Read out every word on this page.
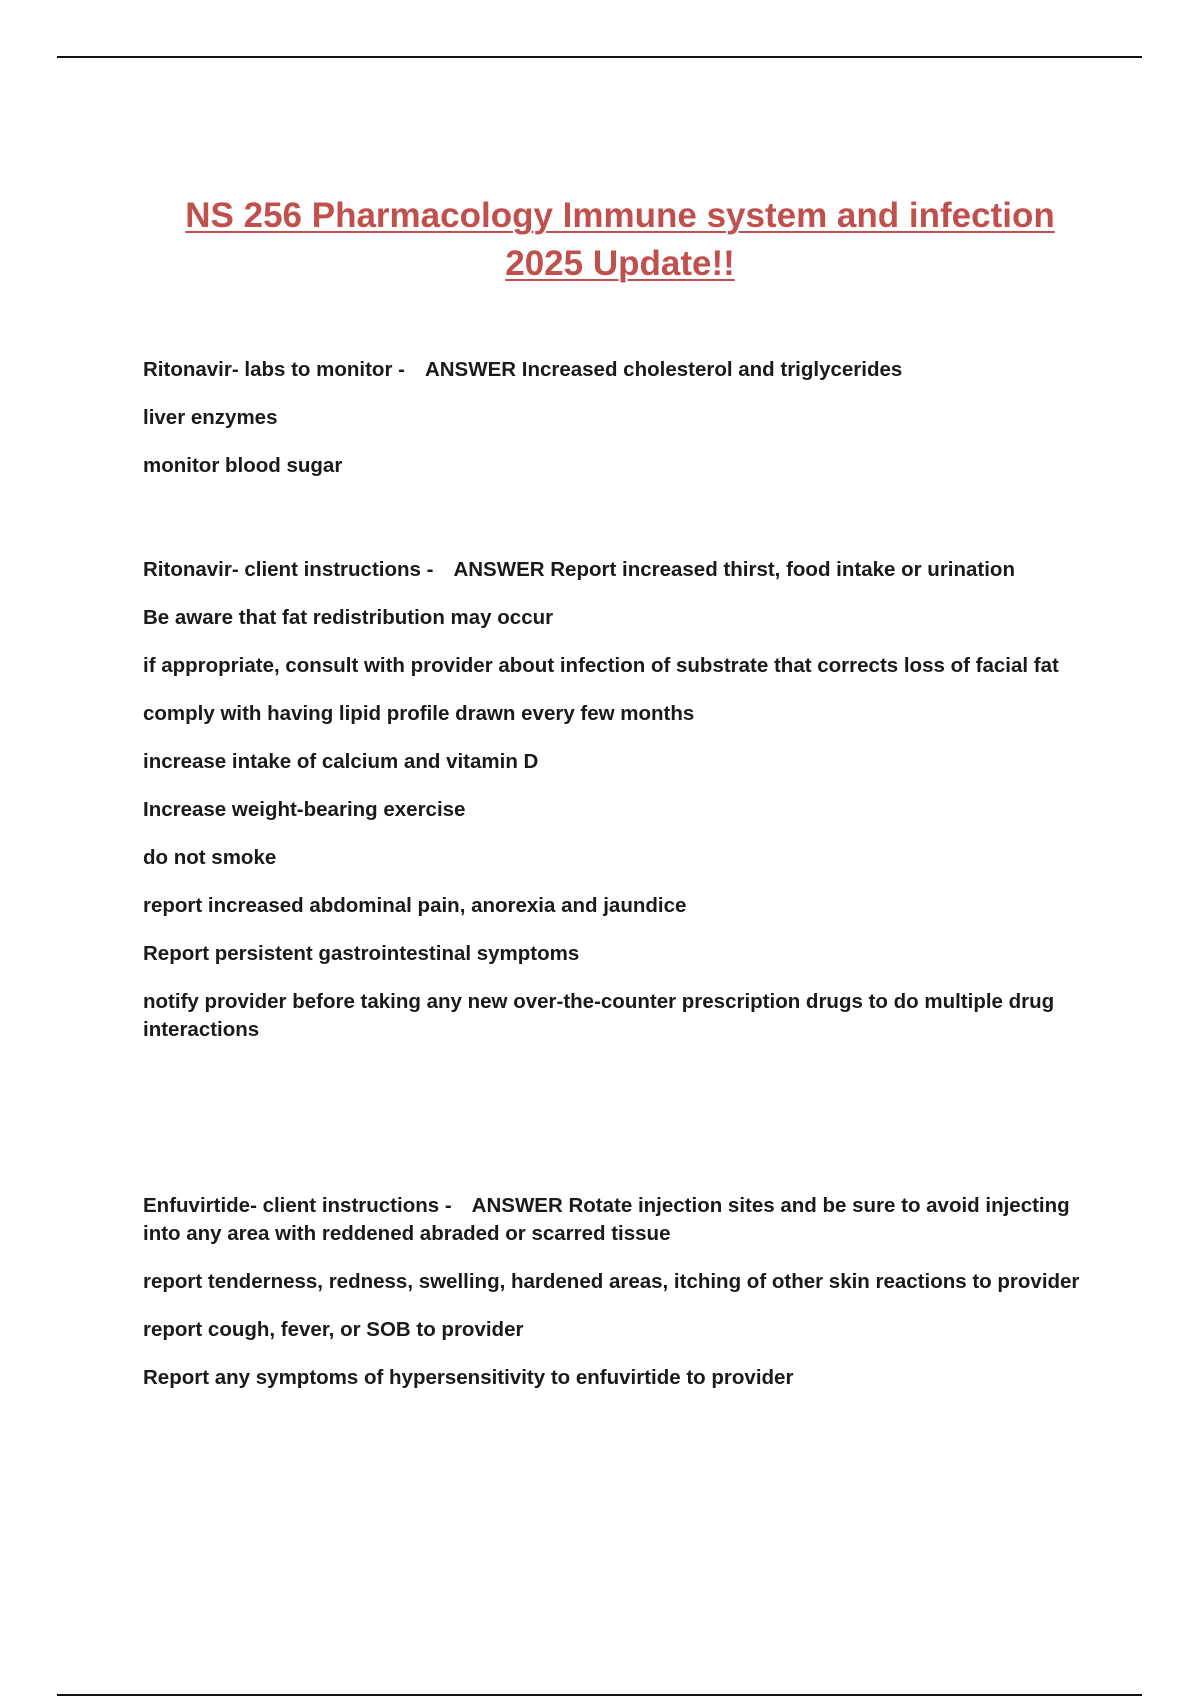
NS 256 Pharmacology Immune system and infection
2025 Update!!
Ritonavir- labs to monitor - ANSWER Increased cholesterol and triglycerides
liver enzymes
monitor blood sugar
Ritonavir- client instructions - ANSWER Report increased thirst, food intake or urination
Be aware that fat redistribution may occur
if appropriate, consult with provider about infection of substrate that corrects loss of facial fat
comply with having lipid profile drawn every few months
increase intake of calcium and vitamin D
Increase weight-bearing exercise
do not smoke
report increased abdominal pain, anorexia and jaundice
Report persistent gastrointestinal symptoms
notify provider before taking any new over-the-counter prescription drugs to do multiple drug interactions
Enfuvirtide- client instructions - ANSWER Rotate injection sites and be sure to avoid injecting into any area with reddened abraded or scarred tissue
report tenderness, redness, swelling, hardened areas, itching of other skin reactions to provider
report cough, fever, or SOB to provider
Report any symptoms of hypersensitivity to enfuvirtide to provider
